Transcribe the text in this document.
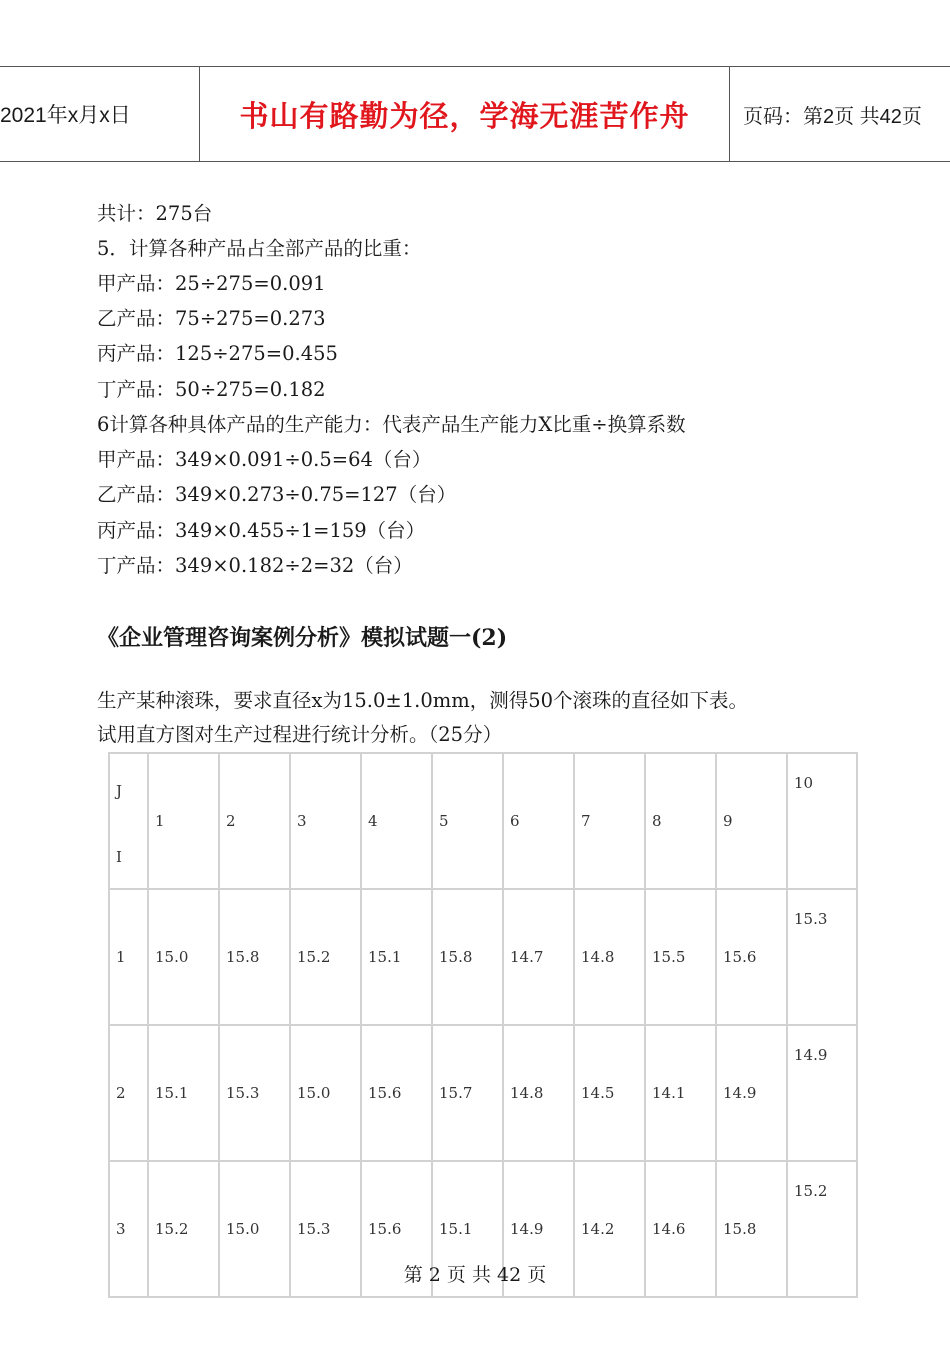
2021年x月x日	书山有路勤为径，学海无涯苦作舟	页码：第2页 共42页
共计：275台
5．计算各种产品占全部产品的比重：
甲产品：25÷275=0.091
乙产品：75÷275=0.273
丙产品：125÷275=0.455
丁产品：50÷275=0.182
6计算各种具体产品的生产能力：代表产品生产能力X比重÷换算系数
甲产品：349×0.091÷0.5=64（台）
乙产品：349×0.273÷0.75=127（台）
丙产品：349×0.455÷1=159（台）
丁产品：349×0.182÷2=32（台）
《企业管理咨询案例分析》模拟试题一(2)
生产某种滚珠，要求直径x为15.0±1.0mm，测得50个滚珠的直径如下表。
试用直方图对生产过程进行统计分析。（25分）
J
I	1	2	3	4	5	6	7	8	9	10
1	15.0	15.8	15.2	15.1	15.8	14.7	14.8	15.5	15.6	15.3
2	15.1	15.3	15.0	15.6	15.7	14.8	14.5	14.1	14.9	14.9
3	15.2	15.0	15.3	15.6	15.1	14.9	14.2	14.6	15.8	15.2
第 2 页 共 42 页
